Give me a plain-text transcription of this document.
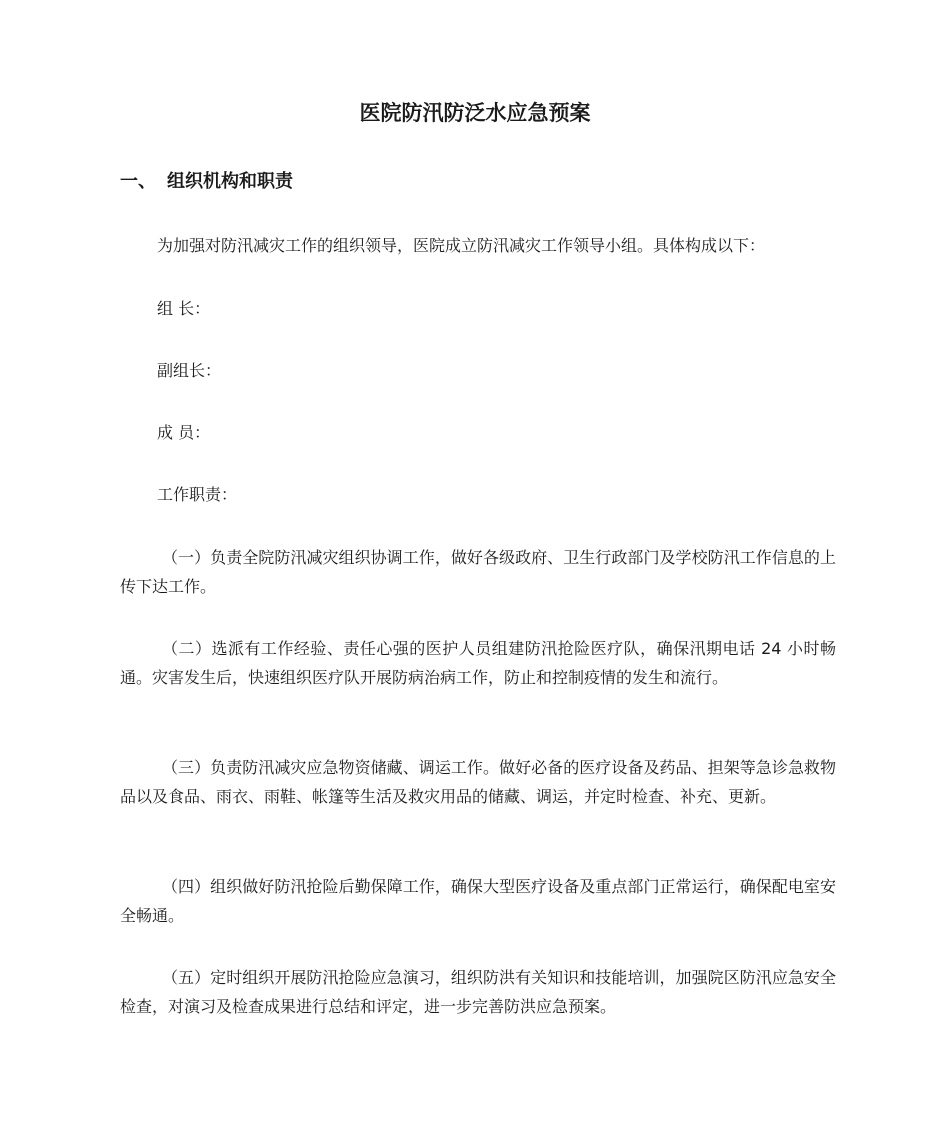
医院防汛防泛水应急预案
一、 组织机构和职责
为加强对防汛减灾工作的组织领导，医院成立防汛减灾工作领导小组。具体构成以下：
组 长：
副组长：
成 员：
工作职责：

（一）负责全院防汛减灾组织协调工作，做好各级政府、卫生行政部门及学校防汛工作信息的上传下达工作。

（二）选派有工作经验、责任心强的医护人员组建防汛抢险医疗队，确保汛期电话 24 小时畅通。灾害发生后，快速组织医疗队开展防病治病工作，防止和控制疫情的发生和流行。

（三）负责防汛减灾应急物资储藏、调运工作。做好必备的医疗设备及药品、担架等急诊急救物品以及食品、雨衣、雨鞋、帐篷等生活及救灾用品的储藏、调运，并定时检查、补充、更新。

（四）组织做好防汛抢险后勤保障工作，确保大型医疗设备及重点部门正常运行，确保配电室安全畅通。

（五）定时组织开展防汛抢险应急演习，组织防洪有关知识和技能培训，加强院区防汛应急安全检查，对演习及检查成果进行总结和评定，进一步完善防洪应急预案。
